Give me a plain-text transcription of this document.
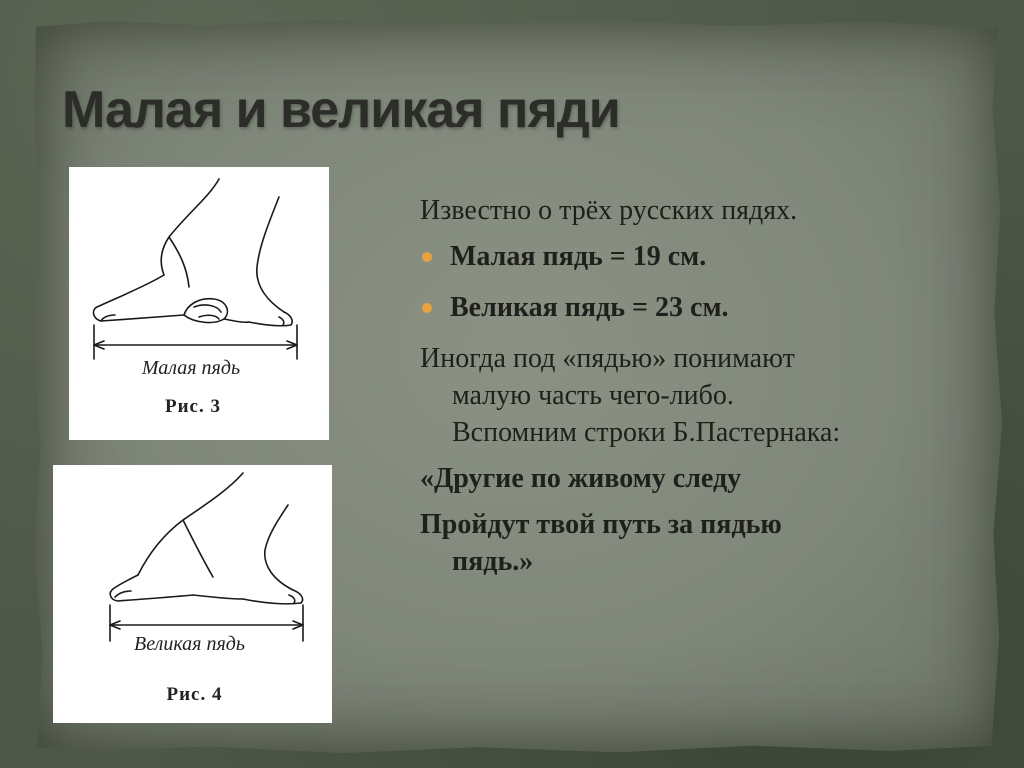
Малая и великая пяди
Малая пядь
Рис. 3
Великая пядь
Рис. 4

Известно о трёх русских пядях.

Малая пядь = 19 см.
Великая пядь = 23 см.

Иногда под «пядью» понимают малую часть чего-либо. Вспомним строки Б.Пастернака:

«Другие по живому следу

Пройдут твой путь за пядью пядь.»
